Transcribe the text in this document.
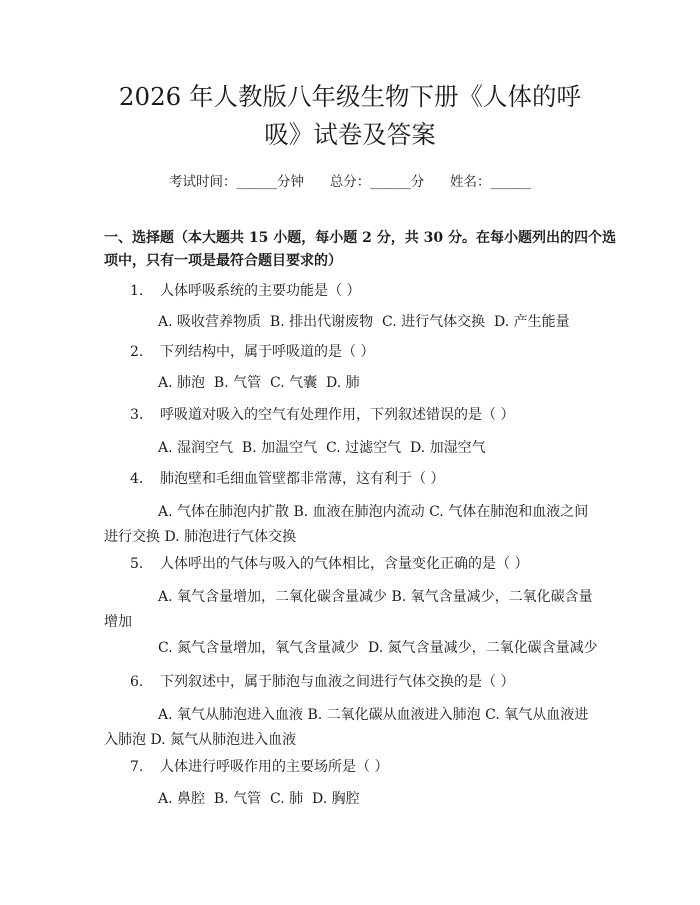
2026 年人教版八年级生物下册《人体的呼
吸》试卷及答案
考试时间：______分钟      总分：______分      姓名：______

一、选择题（本大题共 15 小题，每小题 2 分，共 30 分。在每小题列出的四个选项中，只有一项是最符合题目要求的）

1. 人体呼吸系统的主要功能是（ ）
A. 吸收营养物质  B. 排出代谢废物  C. 进行气体交换  D. 产生能量
2. 下列结构中，属于呼吸道的是（ ）
A. 肺泡  B. 气管  C. 气囊  D. 肺
3. 呼吸道对吸入的空气有处理作用，下列叙述错误的是（ ）
A. 湿润空气  B. 加温空气  C. 过滤空气  D. 加湿空气
4. 肺泡壁和毛细血管壁都非常薄，这有利于（ ）
A. 气体在肺泡内扩散 B. 血液在肺泡内流动 C. 气体在肺泡和血液之间进行交换 D. 肺泡进行气体交换
5. 人体呼出的气体与吸入的气体相比，含量变化正确的是（ ）
A. 氧气含量增加，二氧化碳含量减少 B. 氧气含量减少，二氧化碳含量增加
C. 氮气含量增加，氧气含量减少  D. 氮气含量减少，二氧化碳含量减少
6. 下列叙述中，属于肺泡与血液之间进行气体交换的是（ ）
A. 氧气从肺泡进入血液 B. 二氧化碳从血液进入肺泡 C. 氧气从血液进入肺泡 D. 氮气从肺泡进入血液
7. 人体进行呼吸作用的主要场所是（ ）
A. 鼻腔  B. 气管  C. 肺  D. 胸腔
